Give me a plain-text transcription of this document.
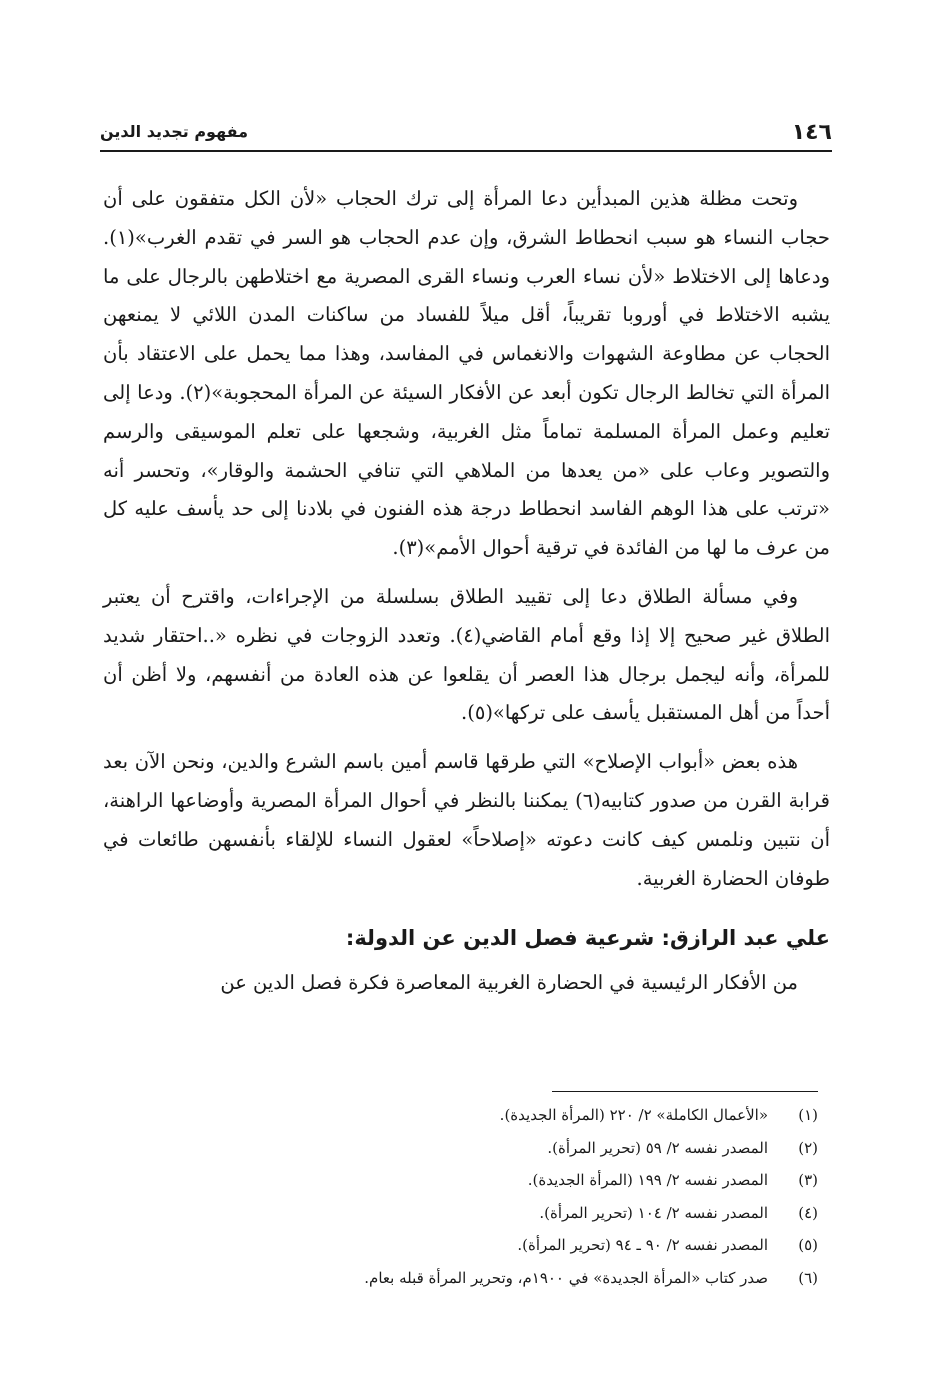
١٤٦
مفهوم تجديد الدين

وتحت مظلة هذين المبدأين دعا المرأة إلى ترك الحجاب «لأن الكل متفقون على أن حجاب النساء هو سبب انحطاط الشرق، وإن عدم الحجاب هو السر في تقدم الغرب»(١). ودعاها إلى الاختلاط «لأن نساء العرب ونساء القرى المصرية مع اختلاطهن بالرجال على ما يشبه الاختلاط في أوروبا تقريباً، أقل ميلاً للفساد من ساكنات المدن اللائي لا يمنعهن الحجاب عن مطاوعة الشهوات والانغماس في المفاسد، وهذا مما يحمل على الاعتقاد بأن المرأة التي تخالط الرجال تكون أبعد عن الأفكار السيئة عن المرأة المحجوبة»(٢). ودعا إلى تعليم وعمل المرأة المسلمة تماماً مثل الغربية، وشجعها على تعلم الموسيقى والرسم والتصوير وعاب على «من يعدها من الملاهي التي تنافي الحشمة والوقار»، وتحسر أنه «ترتب على هذا الوهم الفاسد انحطاط درجة هذه الفنون في بلادنا إلى حد يأسف عليه كل من عرف ما لها من الفائدة في ترقية أحوال الأمم»(٣).

وفي مسألة الطلاق دعا إلى تقييد الطلاق بسلسلة من الإجراءات، واقترح أن يعتبر الطلاق غير صحيح إلا إذا وقع أمام القاضي(٤). وتعدد الزوجات في نظره «..احتقار شديد للمرأة، وأنه ليجمل برجال هذا العصر أن يقلعوا عن هذه العادة من أنفسهم، ولا أظن أن أحداً من أهل المستقبل يأسف على تركها»(٥).

هذه بعض «أبواب الإصلاح» التي طرقها قاسم أمين باسم الشرع والدين، ونحن الآن بعد قرابة القرن من صدور كتابيه(٦) يمكننا بالنظر في أحوال المرأة المصرية وأوضاعها الراهنة، أن نتبين ونلمس كيف كانت دعوته «إصلاحاً» لعقول النساء للإلقاء بأنفسهن طائعات في طوفان الحضارة الغربية.

علي عبد الرازق: شرعية فصل الدين عن الدولة:

من الأفكار الرئيسية في الحضارة الغربية المعاصرة فكرة فصل الدين عن

(١)«الأعمال الكاملة» ٢/ ٢٢٠ (المرأة الجديدة).
(٢)المصدر نفسه ٢/ ٥٩ (تحرير المرأة).
(٣)المصدر نفسه ٢/ ١٩٩ (المرأة الجديدة).
(٤)المصدر نفسه ٢/ ١٠٤ (تحرير المرأة).
(٥)المصدر نفسه ٢/ ٩٠ ـ ٩٤ (تحرير المرأة).
(٦)صدر كتاب «المرأة الجديدة» في ١٩٠٠م، وتحرير المرأة قبله بعام.
